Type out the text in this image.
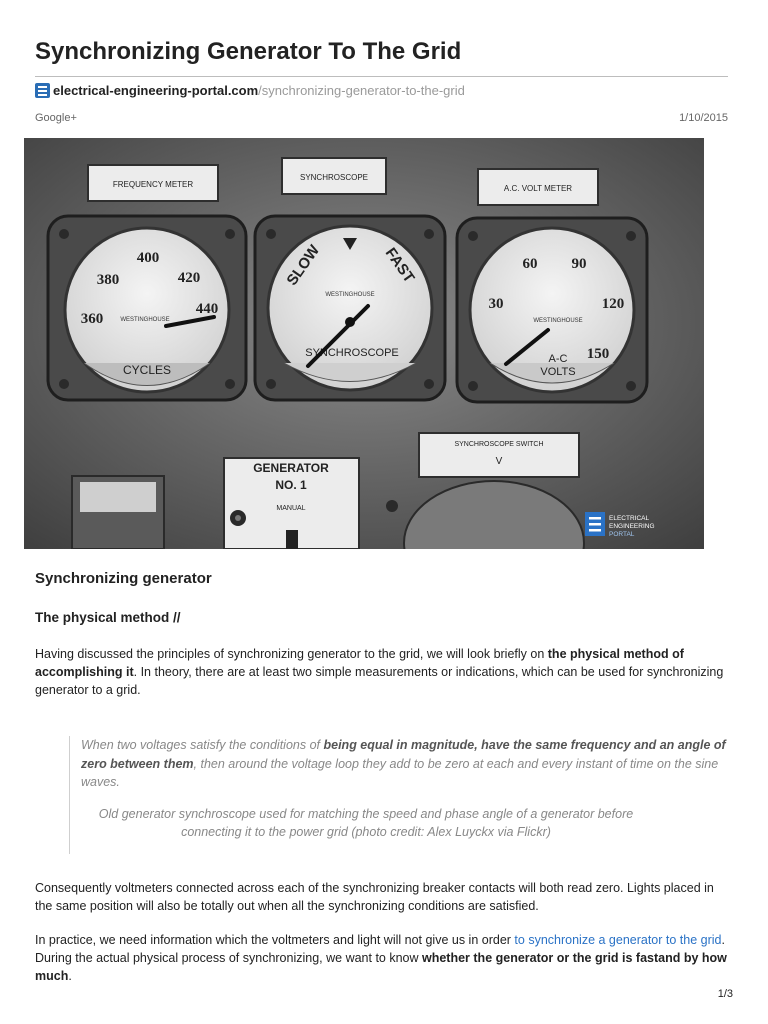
Synchronizing Generator To The Grid
electrical-engineering-portal.com /synchronizing-generator-to-the-grid
Google+	1/10/2015
Synchronizing generator
The physical method //

Having discussed the principles of synchronizing generator to the grid, we will look briefly on the physical method of accomplishing it. In theory, there are at least two simple measurements or indications, which can be used for synchronizing generator to a grid.

When two voltages satisfy the conditions of being equal in magnitude, have the same frequency and an angle of zero between them, then around the voltage loop they add to be zero at each and every instant of time on the sine waves.

Old generator synchroscope used for matching the speed and phase angle of a generator before connecting it to the power grid (photo credit: Alex Luyckx via Flickr)

Consequently voltmeters connected across each of the synchronizing breaker contacts will both read zero. Lights placed in the same position will also be totally out when all the synchronizing conditions are satisfied.

In practice, we need information which the voltmeters and light will not give us in order to synchronize a generator to the grid. During the actual physical process of synchronizing, we want to know whether the generator or the grid is fastand by how much.

FREQUENCY METER
SYNCHROSCOPE
A.C. VOLT METER
360
380
400
420
440
WESTINGHOUSE
CYCLES
SLOW	FAST
WESTINGHOUSE
SYNCHROSCOPE
30
60 90
120
150
WESTINGHOUSE
A-C
VOLTS
SYNCHROSCOPE SWITCH
V
GENERATOR
NO. 1
MANUAL
ELECTRICAL
ENGINEERING
PORTAL
1/3
